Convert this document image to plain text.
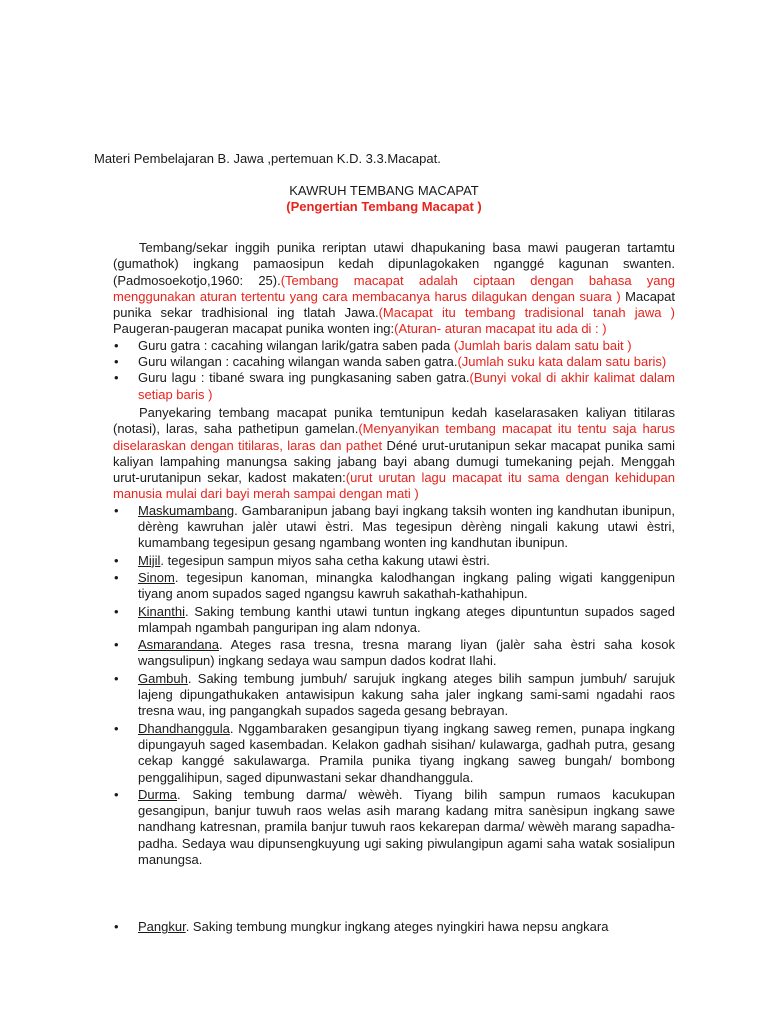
Materi Pembelajaran B. Jawa ,pertemuan K.D. 3.3.Macapat.
KAWRUH TEMBANG MACAPAT
(Pengertian Tembang Macapat )

Tembang/sekar inggih punika reriptan utawi dhapukaning basa mawi paugeran tartamtu (gumathok) ingkang pamaosipun kedah dipunlagokaken nganggé kagunan swanten. (Padmosoekotjo,1960: 25).(Tembang macapat adalah ciptaan dengan bahasa yang menggunakan aturan tertentu yang cara membacanya harus dilagukan dengan suara ) Macapat punika sekar tradhisional ing tlatah Jawa.(Macapat itu tembang tradisional tanah jawa ) Paugeran-paugeran macapat punika wonten ing:(Aturan- aturan macapat itu ada di : )

• Guru gatra : cacahing wilangan larik/gatra saben pada (Jumlah baris dalam satu bait )
• Guru wilangan : cacahing wilangan wanda saben gatra.(Jumlah suku kata dalam satu baris)
• Guru lagu : tibané swara ing pungkasaning saben gatra.(Bunyi vokal di akhir kalimat dalam setiap baris )

Panyekaring tembang macapat punika temtunipun kedah kaselarasaken kaliyan titilaras (notasi), laras, saha pathetipun gamelan.(Menyanyikan tembang macapat itu tentu saja harus diselaraskan dengan titilaras, laras dan pathet Déné urut-urutanipun sekar macapat punika sami kaliyan lampahing manungsa saking jabang bayi abang dumugi tumekaning pejah. Menggah urut-urutanipun sekar, kadost makaten:(urut urutan lagu macapat itu sama dengan kehidupan manusia mulai dari bayi merah sampai dengan mati )

• Maskumambang. Gambaranipun jabang bayi ingkang taksih wonten ing kandhutan ibunipun, dèrèng kawruhan jalèr utawi èstri. Mas tegesipun dèrèng ningali kakung utawi èstri, kumambang tegesipun gesang ngambang wonten ing kandhutan ibunipun.
• Mijil. tegesipun sampun miyos saha cetha kakung utawi èstri.
• Sinom. tegesipun kanoman, minangka kalodhangan ingkang paling wigati kanggenipun tiyang anom supados saged ngangsu kawruh sakathah-kathahipun.
• Kinanthi. Saking tembung kanthi utawi tuntun ingkang ateges dipuntuntun supados saged mlampah ngambah panguripan ing alam ndonya.
• Asmarandana. Ateges rasa tresna, tresna marang liyan (jalèr saha èstri saha kosok wangsulipun) ingkang sedaya wau sampun dados kodrat Ilahi.
• Gambuh. Saking tembung jumbuh/ sarujuk ingkang ateges bilih sampun jumbuh/ sarujuk lajeng dipungathukaken antawisipun kakung saha jaler ingkang sami-sami ngadahi raos tresna wau, ing pangangkah supados sageda gesang bebrayan.
• Dhandhanggula. Nggambaraken gesangipun tiyang ingkang saweg remen, punapa ingkang dipungayuh saged kasembadan. Kelakon gadhah sisihan/ kulawarga, gadhah putra, gesang cekap kanggé sakulawarga. Pramila punika tiyang ingkang saweg bungah/ bombong penggalihipun, saged dipunwastani sekar dhandhanggula.
• Durma. Saking tembung darma/ wèwèh. Tiyang bilih sampun rumaos kacukupan gesangipun, banjur tuwuh raos welas asih marang kadang mitra sanèsipun ingkang sawe nandhang katresnan, pramila banjur tuwuh raos kekarepan darma/ wèwèh marang sapadha-padha. Sedaya wau dipunsengkuyung ugi saking piwulangipun agami saha watak sosialipun manungsa.
• Pangkur. Saking tembung mungkur ingkang ateges nyingkiri hawa nepsu angkara
